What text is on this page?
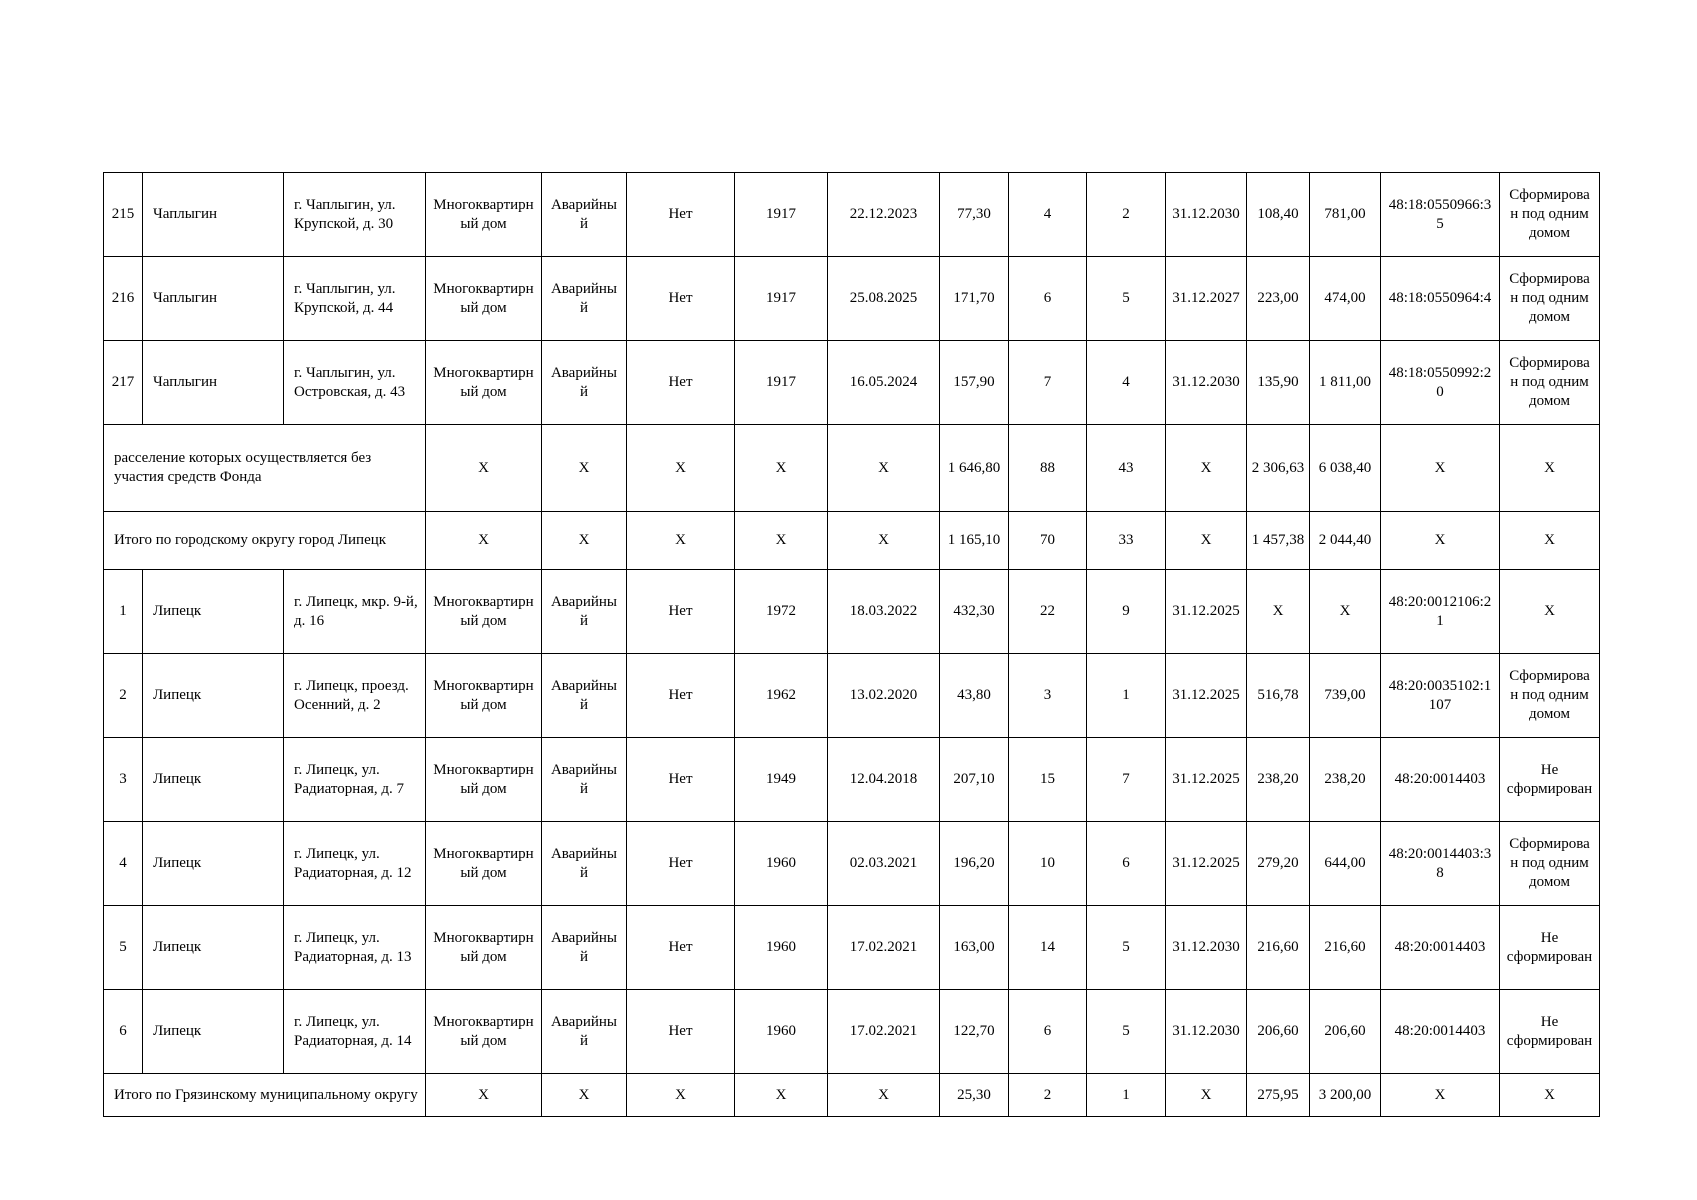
215	Чаплыгин	г. Чаплыгин, ул. Крупской, д. 30	Многоквартирный дом	Аварийный	Нет	1917	22.12.2023	77,30	4	2	31.12.2030	108,40	781,00	48:18:0550966:35	Сформирован под одним домом
216	Чаплыгин	г. Чаплыгин, ул. Крупской, д. 44	Многоквартирный дом	Аварийный	Нет	1917	25.08.2025	171,70	6	5	31.12.2027	223,00	474,00	48:18:0550964:4	Сформирован под одним домом
217	Чаплыгин	г. Чаплыгин, ул. Островская, д. 43	Многоквартирный дом	Аварийный	Нет	1917	16.05.2024	157,90	7	4	31.12.2030	135,90	1 811,00	48:18:0550992:20	Сформирован под одним домом
расселение которых осуществляется без участия средств Фонда			X	X	X	X	X	1 646,80	88	43	X	2 306,63	6 038,40	X	X
Итого по городскому округу город Липецк			X	X	X	X	X	1 165,10	70	33	X	1 457,38	2 044,40	X	X
1	Липецк	г. Липецк, мкр. 9-й, д. 16	Многоквартирный дом	Аварийный	Нет	1972	18.03.2022	432,30	22	9	31.12.2025	X	X	48:20:0012106:21	X
2	Липецк	г. Липецк, проезд. Осенний, д. 2	Многоквартирный дом	Аварийный	Нет	1962	13.02.2020	43,80	3	1	31.12.2025	516,78	739,00	48:20:0035102:1107	Сформирован под одним домом
3	Липецк	г. Липецк, ул. Радиаторная, д. 7	Многоквартирный дом	Аварийный	Нет	1949	12.04.2018	207,10	15	7	31.12.2025	238,20	238,20	48:20:0014403	Не сформирован
4	Липецк	г. Липецк, ул. Радиаторная, д. 12	Многоквартирный дом	Аварийный	Нет	1960	02.03.2021	196,20	10	6	31.12.2025	279,20	644,00	48:20:0014403:38	Сформирован под одним домом
5	Липецк	г. Липецк, ул. Радиаторная, д. 13	Многоквартирный дом	Аварийный	Нет	1960	17.02.2021	163,00	14	5	31.12.2030	216,60	216,60	48:20:0014403	Не сформирован
6	Липецк	г. Липецк, ул. Радиаторная, д. 14	Многоквартирный дом	Аварийный	Нет	1960	17.02.2021	122,70	6	5	31.12.2030	206,60	206,60	48:20:0014403	Не сформирован
Итого по Грязинскому муниципальному округу			X	X	X	X	X	25,30	2	1	X	275,95	3 200,00	X	X
